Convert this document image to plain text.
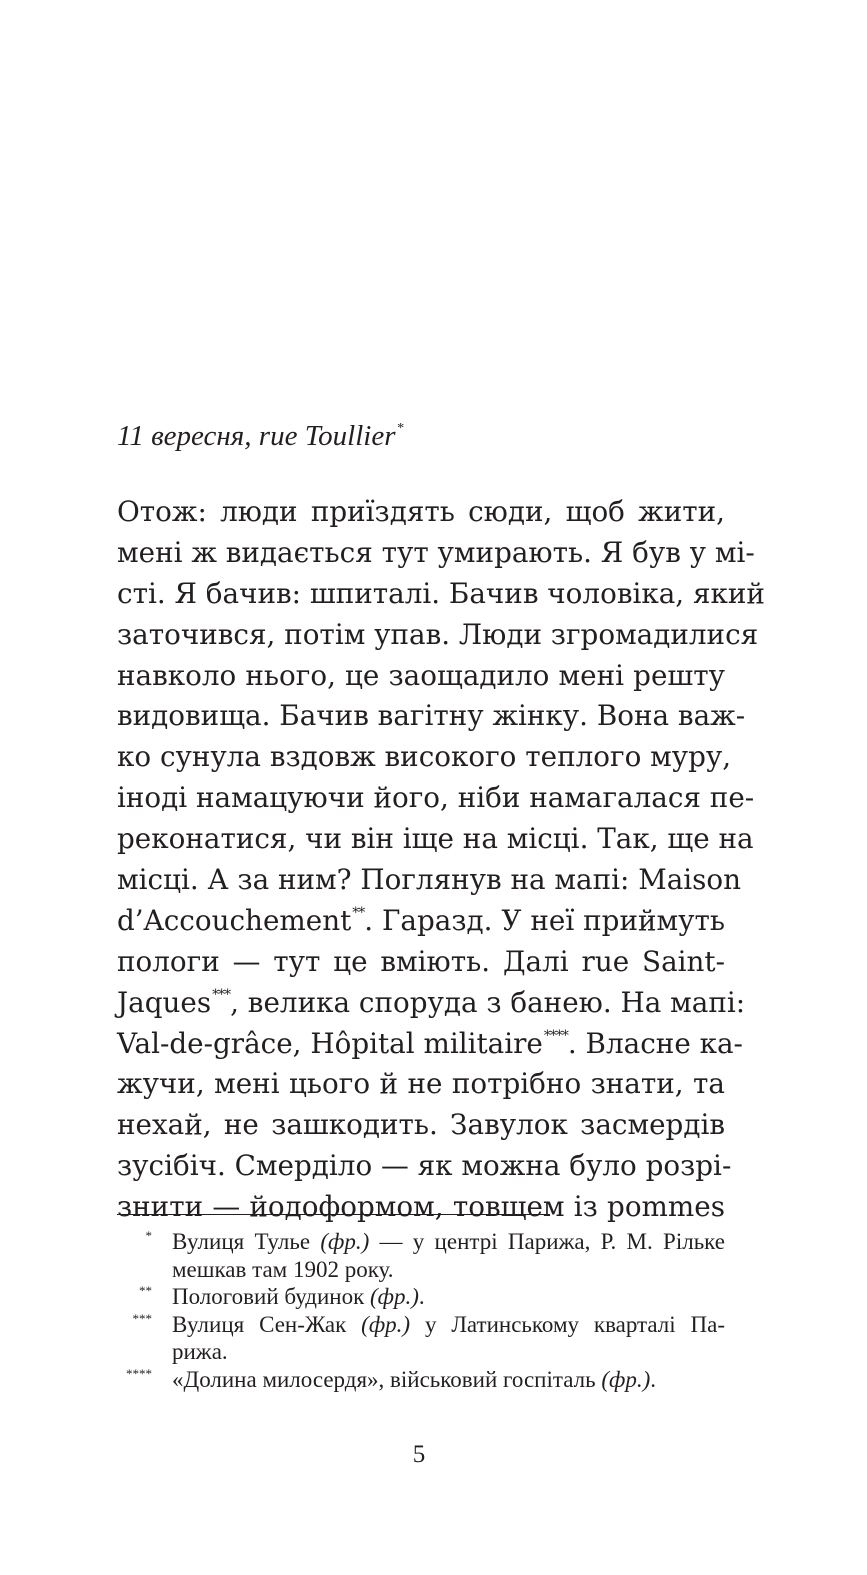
11 вересня, rue Toullier*
Отож: люди приїздять сюди, щоб жити,
мені ж видається тут умирають. Я був у мі-
сті. Я бачив: шпиталі. Бачив чоловіка, який
заточився, потім упав. Люди згромадилися
навколо нього, це заощадило мені решту
видовища. Бачив вагітну жінку. Вона важ-
ко сунула вздовж високого теплого муру,
іноді намацуючи його, ніби намагалася пе-
реконатися, чи він іще на місці. Так, ще на
місці. А за ним? Поглянув на мапі: Maison
d’Accouchement**. Гаразд. У неї приймуть
пологи — тут це вміють. Далі rue Saint-
Jaques***, велика споруда з банею. На мапі:
Val-de-grâce, Hôpital militaire****. Власне ка-
жучи, мені цього й не потрібно знати, та
нехай, не зашкодить. Завулок засмердів
зусібіч. Смерділо — як можна було розрі-
знити — йодоформом, товщем із pommes
* Вулиця Тулье (фр.) — у центрі Парижа, Р. М. Рільке
мешкав там 1902 року.
** Пологовий будинок (фр.).
*** Вулиця Сен-Жак (фр.) у Латинському кварталі Па-
рижа.
**** «Долина милосердя», військовий госпіталь (фр.).
5
